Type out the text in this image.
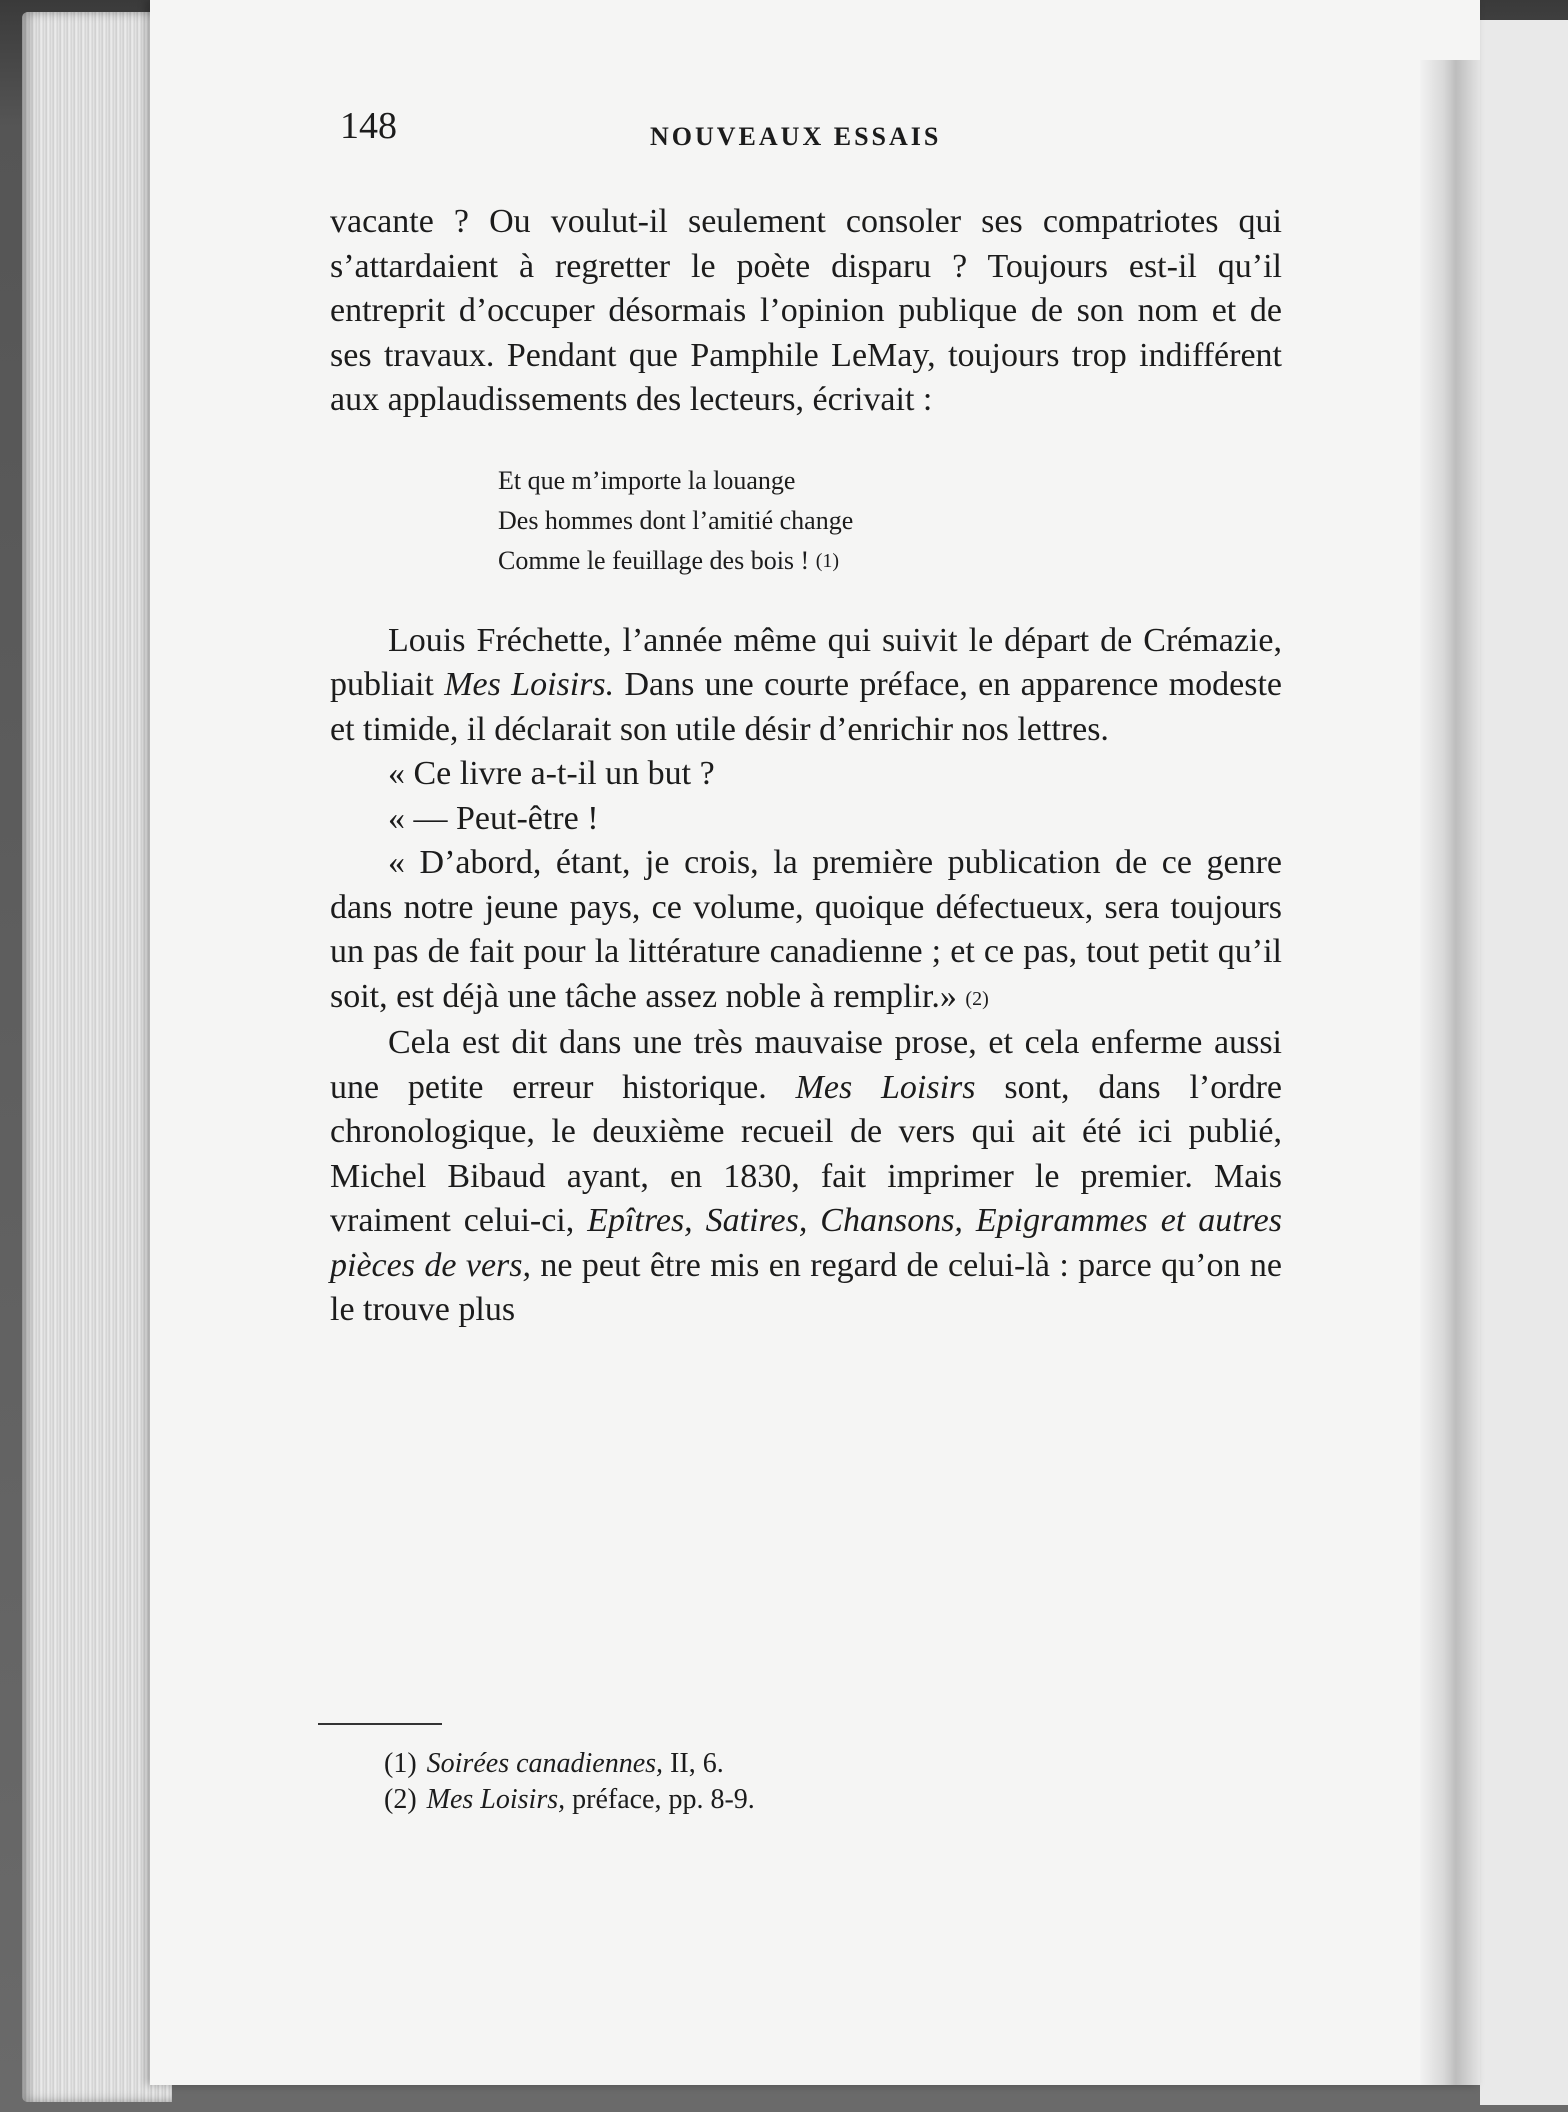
148	NOUVEAUX ESSAIS

vacante ? Ou voulut-il seulement consoler ses compatriotes qui s’attardaient à regretter le poète disparu ? Toujours est-il qu’il entreprit d’occuper désormais l’opinion publique de son nom et de ses travaux. Pendant que Pamphile LeMay, toujours trop indifférent aux applaudissements des lecteurs, écrivait :

Et que m’importe la louange
Des hommes dont l’amitié change
Comme le feuillage des bois ! (1)

Louis Fréchette, l’année même qui suivit le départ de Crémazie, publiait Mes Loisirs. Dans une courte préface, en apparence modeste et timide, il déclarait son utile désir d’enrichir nos lettres.

« Ce livre a-t-il un but ?

« — Peut-être !

« D’abord, étant, je crois, la première publication de ce genre dans notre jeune pays, ce volume, quoique défectueux, sera toujours un pas de fait pour la littérature canadienne ; et ce pas, tout petit qu’il soit, est déjà une tâche assez noble à remplir.» (2)

Cela est dit dans une très mauvaise prose, et cela enferme aussi une petite erreur historique. Mes Loisirs sont, dans l’ordre chronologique, le deuxième recueil de vers qui ait été ici publié, Michel Bibaud ayant, en 1830, fait imprimer le premier. Mais vraiment celui-ci, Epîtres, Satires, Chansons, Epigrammes et autres pièces de vers, ne peut être mis en regard de celui-là : parce qu’on ne le trouve plus

(1) Soirées canadiennes, II, 6.
(2) Mes Loisirs, préface, pp. 8-9.
